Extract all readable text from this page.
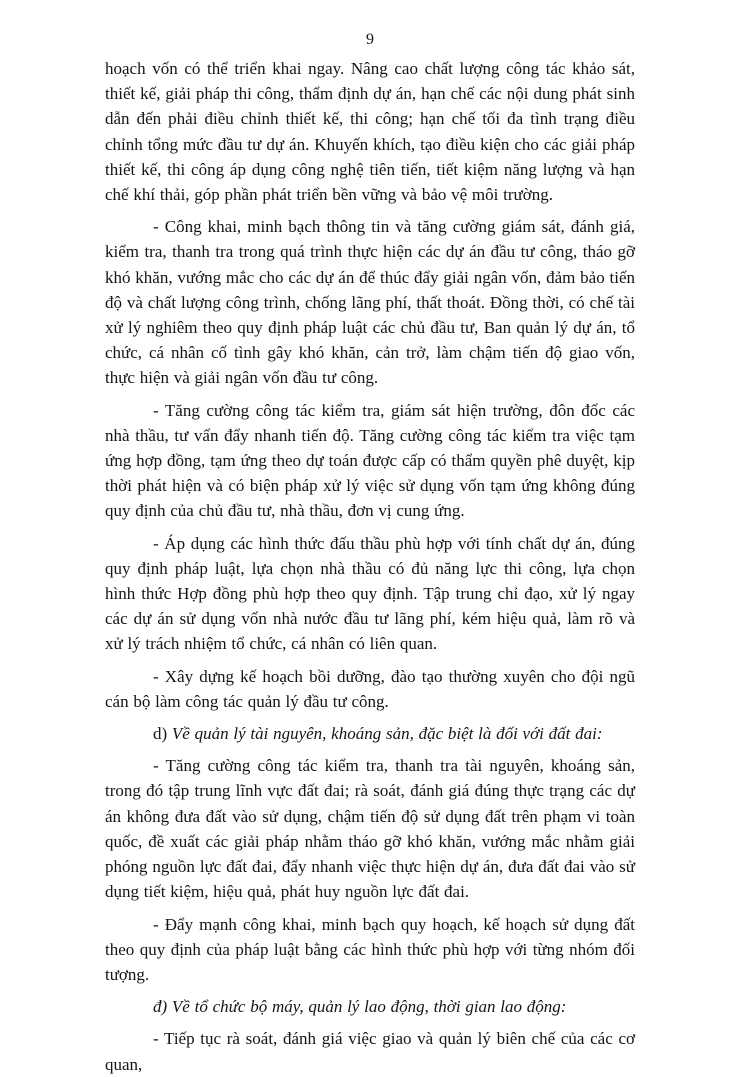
9

hoạch vốn có thể triển khai ngay. Nâng cao chất lượng công tác khảo sát, thiết kế, giải pháp thi công, thẩm định dự án, hạn chế các nội dung phát sinh dẫn đến phải điều chỉnh thiết kế, thi công; hạn chế tối đa tình trạng điều chỉnh tổng mức đầu tư dự án. Khuyến khích, tạo điều kiện cho các giải pháp thiết kế, thi công áp dụng công nghệ tiên tiến, tiết kiệm năng lượng và hạn chế khí thải, góp phần phát triển bền vững và bảo vệ môi trường.

- Công khai, minh bạch thông tin và tăng cường giám sát, đánh giá, kiểm tra, thanh tra trong quá trình thực hiện các dự án đầu tư công, tháo gỡ khó khăn, vướng mắc cho các dự án để thúc đẩy giải ngân vốn, đảm bảo tiến độ và chất lượng công trình, chống lãng phí, thất thoát. Đồng thời, có chế tài xử lý nghiêm theo quy định pháp luật các chủ đầu tư, Ban quản lý dự án, tổ chức, cá nhân cố tình gây khó khăn, cản trở, làm chậm tiến độ giao vốn, thực hiện và giải ngân vốn đầu tư công.

- Tăng cường công tác kiểm tra, giám sát hiện trường, đôn đốc các nhà thầu, tư vấn đẩy nhanh tiến độ. Tăng cường công tác kiểm tra việc tạm ứng hợp đồng, tạm ứng theo dự toán được cấp có thẩm quyền phê duyệt, kịp thời phát hiện và có biện pháp xử lý việc sử dụng vốn tạm ứng không đúng quy định của chủ đầu tư, nhà thầu, đơn vị cung ứng.

- Áp dụng các hình thức đấu thầu phù hợp với tính chất dự án, đúng quy định pháp luật, lựa chọn nhà thầu có đủ năng lực thi công, lựa chọn hình thức Hợp đồng phù hợp theo quy định. Tập trung chỉ đạo, xử lý ngay các dự án sử dụng vốn nhà nước đầu tư lãng phí, kém hiệu quả, làm rõ và xử lý trách nhiệm tổ chức, cá nhân có liên quan.

- Xây dựng kế hoạch bồi dưỡng, đào tạo thường xuyên cho đội ngũ cán bộ làm công tác quản lý đầu tư công.

d) Về quản lý tài nguyên, khoáng sản, đặc biệt là đối với đất đai:

- Tăng cường công tác kiểm tra, thanh tra tài nguyên, khoáng sản, trong đó tập trung lĩnh vực đất đai; rà soát, đánh giá đúng thực trạng các dự án không đưa đất vào sử dụng, chậm tiến độ sử dụng đất trên phạm vi toàn quốc, đề xuất các giải pháp nhằm tháo gỡ khó khăn, vướng mắc nhằm giải phóng nguồn lực đất đai, đẩy nhanh việc thực hiện dự án, đưa đất đai vào sử dụng tiết kiệm, hiệu quả, phát huy nguồn lực đất đai.

- Đẩy mạnh công khai, minh bạch quy hoạch, kế hoạch sử dụng đất theo quy định của pháp luật bằng các hình thức phù hợp với từng nhóm đối tượng.

đ) Về tổ chức bộ máy, quản lý lao động, thời gian lao động:

- Tiếp tục rà soát, đánh giá việc giao và quản lý biên chế của các cơ quan,
